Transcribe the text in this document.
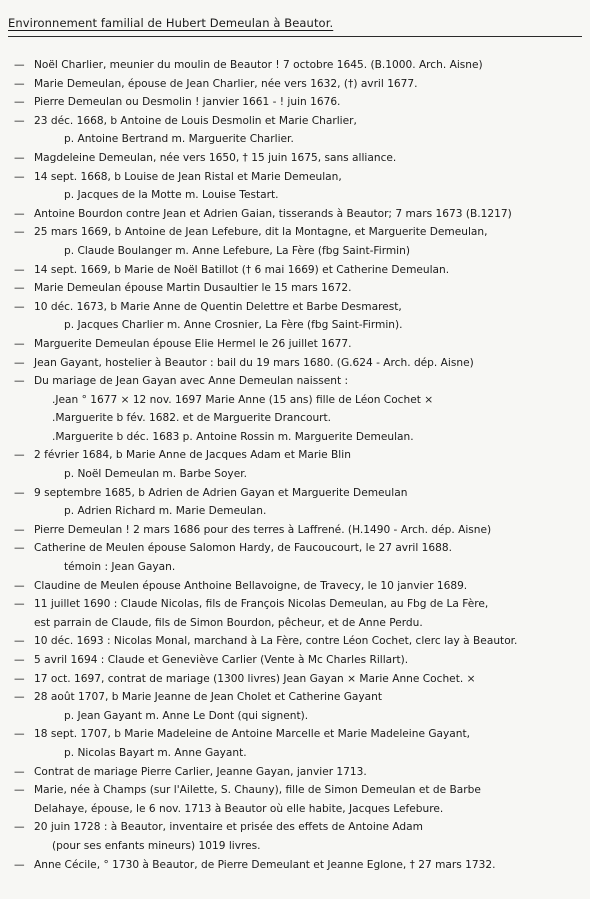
Environnement familial de Hubert Demeulan à Beautor.
— Noël Charlier, meunier du moulin de Beautor ! 7 octobre 1645. (B.1000. Arch. Aisne)
— Marie Demeulan, épouse de Jean Charlier, née vers 1632, (†) avril 1677.
— Pierre Demeulan ou Desmolin ! janvier 1661 - ! juin 1676.
— 23 déc. 1668, b Antoine de Louis Desmolin et Marie Charlier,
p. Antoine Bertrand m. Marguerite Charlier.
— Magdeleine Demeulan, née vers 1650, † 15 juin 1675, sans alliance.
— 14 sept. 1668, b Louise de Jean Ristal et Marie Demeulan,
p. Jacques de la Motte m. Louise Testart.
— Antoine Bourdon contre Jean et Adrien Gaian, tisserands à Beautor; 7 mars 1673 (B.1217)
— 25 mars 1669, b Antoine de Jean Lefebure, dit la Montagne, et Marguerite Demeulan,
p. Claude Boulanger m. Anne Lefebure, La Fère (fbg Saint-Firmin)
— 14 sept. 1669, b Marie de Noël Batillot († 6 mai 1669) et Catherine Demeulan.
— Marie Demeulan épouse Martin Dusaultier le 15 mars 1672.
— 10 déc. 1673, b Marie Anne de Quentin Delettre et Barbe Desmarest,
p. Jacques Charlier m. Anne Crosnier, La Fère (fbg Saint-Firmin).
— Marguerite Demeulan épouse Elie Hermel le 26 juillet 1677.
— Jean Gayant, hostelier à Beautor : bail du 19 mars 1680. (G.624 - Arch. dép. Aisne)
— Du mariage de Jean Gayan avec Anne Demeulan naissent :
.Jean ° 1677 × 12 nov. 1697 Marie Anne (15 ans) fille de Léon Cochet ×
.Marguerite b fév. 1682. et de Marguerite Drancourt.
.Marguerite b déc. 1683 p. Antoine Rossin m. Marguerite Demeulan.
— 2 février 1684, b Marie Anne de Jacques Adam et Marie Blin
p. Noël Demeulan m. Barbe Soyer.
— 9 septembre 1685, b Adrien de Adrien Gayan et Marguerite Demeulan
p. Adrien Richard m. Marie Demeulan.
— Pierre Demeulan ! 2 mars 1686 pour des terres à Laffrené. (H.1490 - Arch. dép. Aisne)
— Catherine de Meulen épouse Salomon Hardy, de Faucoucourt, le 27 avril 1688.
témoin : Jean Gayan.
— Claudine de Meulen épouse Anthoine Bellavoigne, de Travecy, le 10 janvier 1689.
— 11 juillet 1690 : Claude Nicolas, fils de François Nicolas Demeulan, au Fbg de La Fère,
est parrain de Claude, fils de Simon Bourdon, pêcheur, et de Anne Perdu.
— 10 déc. 1693 : Nicolas Monal, marchand à La Fère, contre Léon Cochet, clerc lay à Beautor.
— 5 avril 1694 : Claude et Geneviève Carlier (Vente à Mc Charles Rillart).
— 17 oct. 1697, contrat de mariage (1300 livres) Jean Gayan × Marie Anne Cochet. ×
— 28 août 1707, b Marie Jeanne de Jean Cholet et Catherine Gayant
p. Jean Gayant m. Anne Le Dont (qui signent).
— 18 sept. 1707, b Marie Madeleine de Antoine Marcelle et Marie Madeleine Gayant,
p. Nicolas Bayart m. Anne Gayant.
— Contrat de mariage Pierre Carlier, Jeanne Gayan, janvier 1713.
— Marie, née à Champs (sur l'Ailette, S. Chauny), fille de Simon Demeulan et de Barbe
Delahaye, épouse, le 6 nov. 1713 à Beautor où elle habite, Jacques Lefebure.
— 20 juin 1728 : à Beautor, inventaire et prisée des effets de Antoine Adam
(pour ses enfants mineurs) 1019 livres.
— Anne Cécile, ° 1730 à Beautor, de Pierre Demeulant et Jeanne Eglone, † 27 mars 1732.
